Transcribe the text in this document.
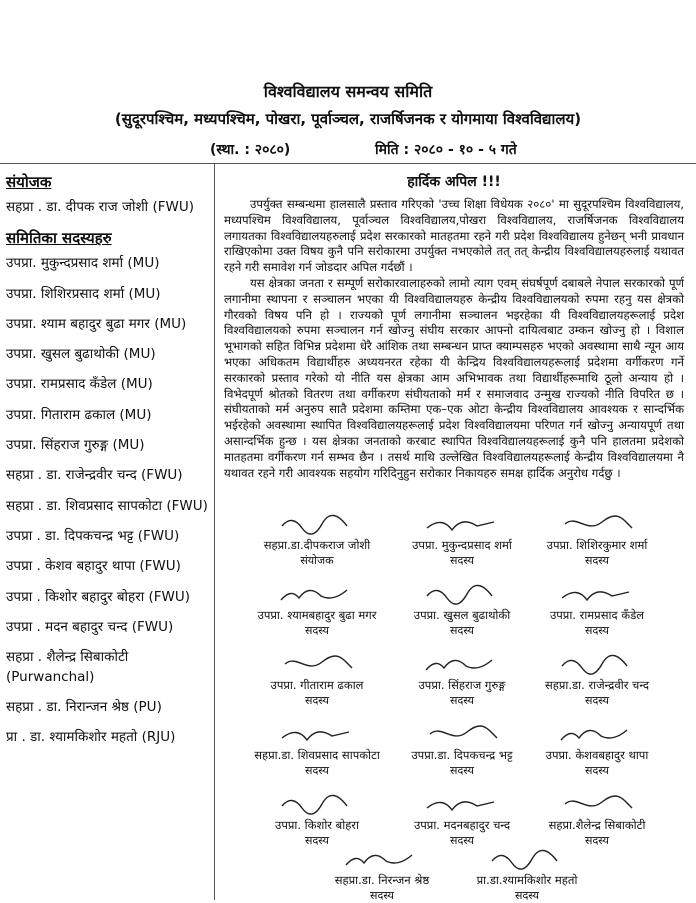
विश्वविद्यालय समन्वय समिति
(सुदूरपश्चिम, मध्यपश्चिम, पोखरा, पूर्वाञ्चल, राजर्षिजनक र योगमाया विश्वविद्यालय)
(स्था. : २०८०)	मिति : २०८० - १० - ५ गते
संयोजक
सहप्रा . डा. दीपक राज जोशी (FWU)
समितिका सदस्यहरु
उपप्रा. मुकुन्दप्रसाद शर्मा (MU)
उपप्रा. शिशिरप्रसाद शर्मा (MU)
उपप्रा. श्याम बहादुर बुढा मगर (MU)
उपप्रा. खुसल बुढाथोकी (MU)
उपप्रा. रामप्रसाद कँडेल (MU)
उपप्रा. गिताराम ढकाल (MU)
उपप्रा. सिंहराज गुरुङ्ग (MU)
सहप्रा . डा. राजेन्द्रवीर चन्द (FWU)
सहप्रा . डा. शिवप्रसाद सापकोटा (FWU)
उपप्रा . डा. दिपकचन्द्र भट्ट (FWU)
उपप्रा . केशव बहादुर थापा (FWU)
उपप्रा . किशोर बहादुर बोहरा (FWU)
उपप्रा . मदन बहादुर चन्द (FWU)
सहप्रा . शैलेन्द्र सिबाकोटी (Purwanchal)
सहप्रा . डा. निरान्जन श्रेष्ठ (PU)
प्रा . डा. श्यामकिशोर महतो (RJU)
हार्दिक अपिल !!!

उपर्युक्त सम्बन्धमा हालसालै प्रस्ताव गरिएको 'उच्च शिक्षा विधेयक २०८०' मा सुदूरपश्चिम विश्वविद्यालय, मध्यपश्चिम विश्वविद्यालय, पूर्वाञ्चल विश्वविद्यालय,पोखरा विश्वविद्यालय, राजर्षिजनक विश्वविद्यालय लगायतका विश्वविद्यालयहरुलाई प्रदेश सरकारको मातहतमा रहने गरी प्रदेश विश्वविद्यालय हुनेछन् भनी प्रावधान राखिएकोमा उक्त विषय कुनै पनि सरोकारमा उपर्युक्त नभएकोले तत् तत् केन्द्रीय विश्वविद्यालयहरुलाई यथावत रहने गरी समावेश गर्न जोडदार अपिल गर्दछौं ।

यस क्षेत्रका जनता र सम्पूर्ण सरोकारवालाहरुको लामो त्याग एवम् संघर्षपूर्ण दबाबले नेपाल सरकारको पूर्ण लगानीमा स्थापना र सञ्चालन भएका यी विश्वविद्यालयहरु केन्द्रीय विश्वविद्यालयको रुपमा रहनु यस क्षेत्रको गौरवको विषय पनि हो । राज्यको पूर्ण लगानीमा सञ्चालन भइरहेका यी विश्वविद्यालयहरूलाई प्रदेश विश्वविद्यालयको रुपमा सञ्चालन गर्न खोज्नु संघीय सरकार आफ्नो दायित्वबाट उम्कन खोज्नु हो । विशाल भूभागको सहित विभिन्न प्रदेशमा धेरै आंशिक तथा सम्बन्धन प्राप्त क्याम्पसहरु भएको अवस्थामा साथै न्यून आय भएका अधिकतम विद्यार्थीहरु अध्ययनरत रहेका यी केन्द्रिय विश्वविद्यालयहरूलाई प्रदेशमा वर्गीकरण गर्ने सरकारको प्रस्ताव गरेको यो नीति यस क्षेत्रका आम अभिभावक तथा विद्यार्थीहरूमाथि ठूलो अन्याय हो । विभेदपूर्ण श्रोतको वितरण तथा वर्गीकरण संघीयताको मर्म र समाजवाद उन्मुख राज्यको नीति विपरित छ । संघीयताको मर्म अनुरुप सातै प्रदेशमा कम्तिमा एक–एक ओटा केन्द्रीय विश्वविद्यालय आवश्यक र सान्दर्भिक भईरहेको अवस्थामा स्थापित विश्वविद्यालयहरूलाई प्रदेश विश्वविद्यालयमा परिणत गर्न खोज्नु अन्यायपूर्ण तथा असान्दर्भिक हुन्छ । यस क्षेत्रका जनताको करबाट स्थापित विश्वविद्यालयहरूलाई कुनै पनि हालतमा प्रदेशको मातहतमा वर्गीकरण गर्न सम्भव छैन । तसर्थ माथि उल्लेखित विश्वविद्यालयहरूलाई केन्द्रीय विश्वविद्यालयमा नै यथावत रहने गरी आवश्यक सहयोग गरिदिनुहुन सरोकार निकायहरु समक्ष हार्दिक अनुरोध गर्दछु ।

सहप्रा.डा.दीपकराज जोशी
संयोजक
उपप्रा. मुकुन्दप्रसाद शर्मा
सदस्य
उपप्रा. शिशिरकुमार शर्मा
सदस्य
उपप्रा. श्यामबहादुर बुढा मगर
सदस्य
उपप्रा. खुसल बुढाथोकी
सदस्य
उपप्रा. रामप्रसाद कँडेल
सदस्य
उपप्रा. गीताराम ढकाल
सदस्य
उपप्रा. सिंहराज गुरुङ्ग
सदस्य
सहप्रा.डा. राजेन्द्रवीर चन्द
सदस्य
सहप्रा.डा. शिवप्रसाद सापकोटा
सदस्य
उपप्रा.डा. दिपकचन्द्र भट्ट
सदस्य
उपप्रा. केशवबहादुर थापा
सदस्य
उपप्रा. किशोर बोहरा
सदस्य
उपप्रा. मदनबहादुर चन्द
सदस्य
सहप्रा.शैलेन्द्र सिबाकोटी
सदस्य
सहप्रा.डा. निरन्जन श्रेष्ठ
सदस्य
प्रा.डा.श्यामकिशोर महतो
सदस्य
